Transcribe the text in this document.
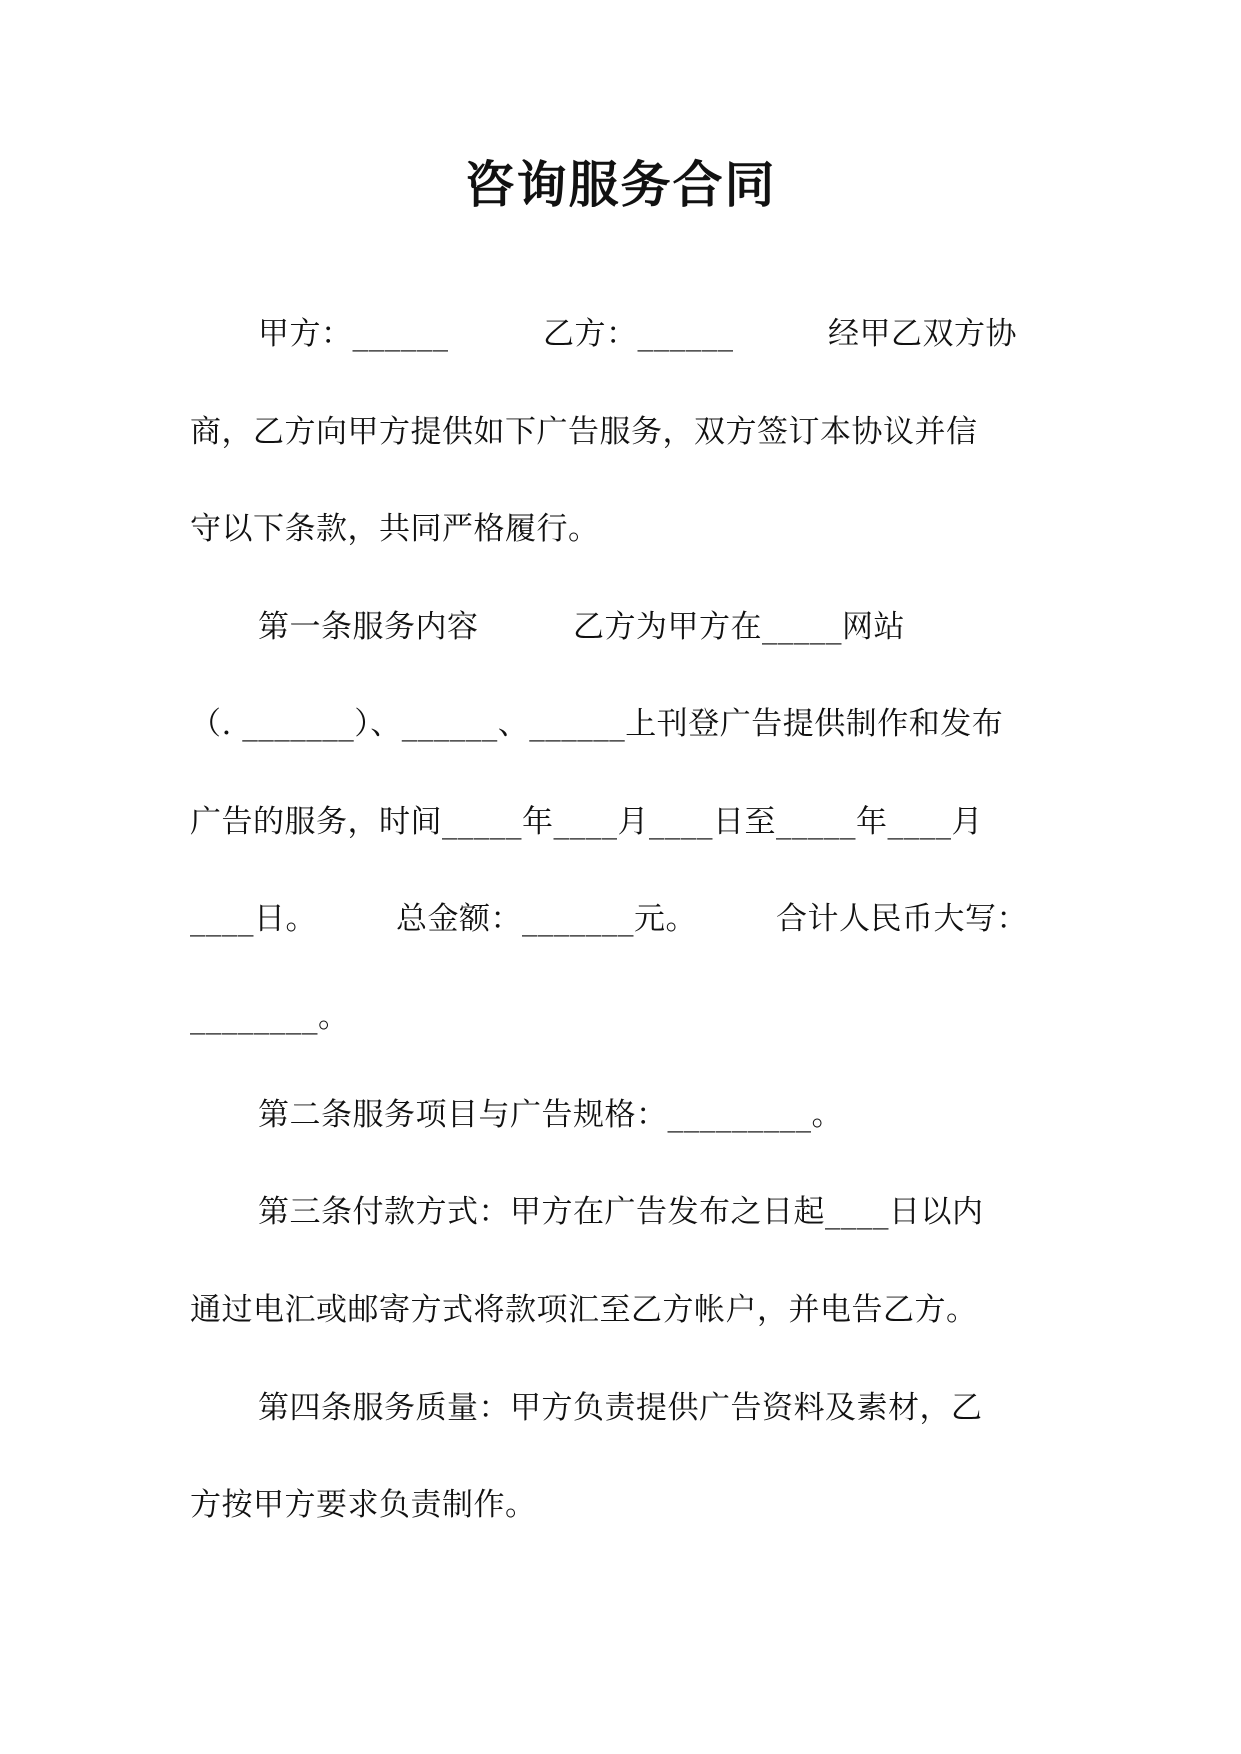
咨询服务合同
甲方：______　　　乙方：______　　　经甲乙双方协
商，乙方向甲方提供如下广告服务，双方签订本协议并信
守以下条款，共同严格履行。
第一条服务内容　　　乙方为甲方在_____网站
（. _______）、______、______上刊登广告提供制作和发布
广告的服务，时间_____年____月____日至_____年____月
____日。　　　总金额：_______元。　　　合计人民币大写：
________。
第二条服务项目与广告规格：_________。
第三条付款方式：甲方在广告发布之日起____日以内
通过电汇或邮寄方式将款项汇至乙方帐户，并电告乙方。
第四条服务质量：甲方负责提供广告资料及素材，乙
方按甲方要求负责制作。
